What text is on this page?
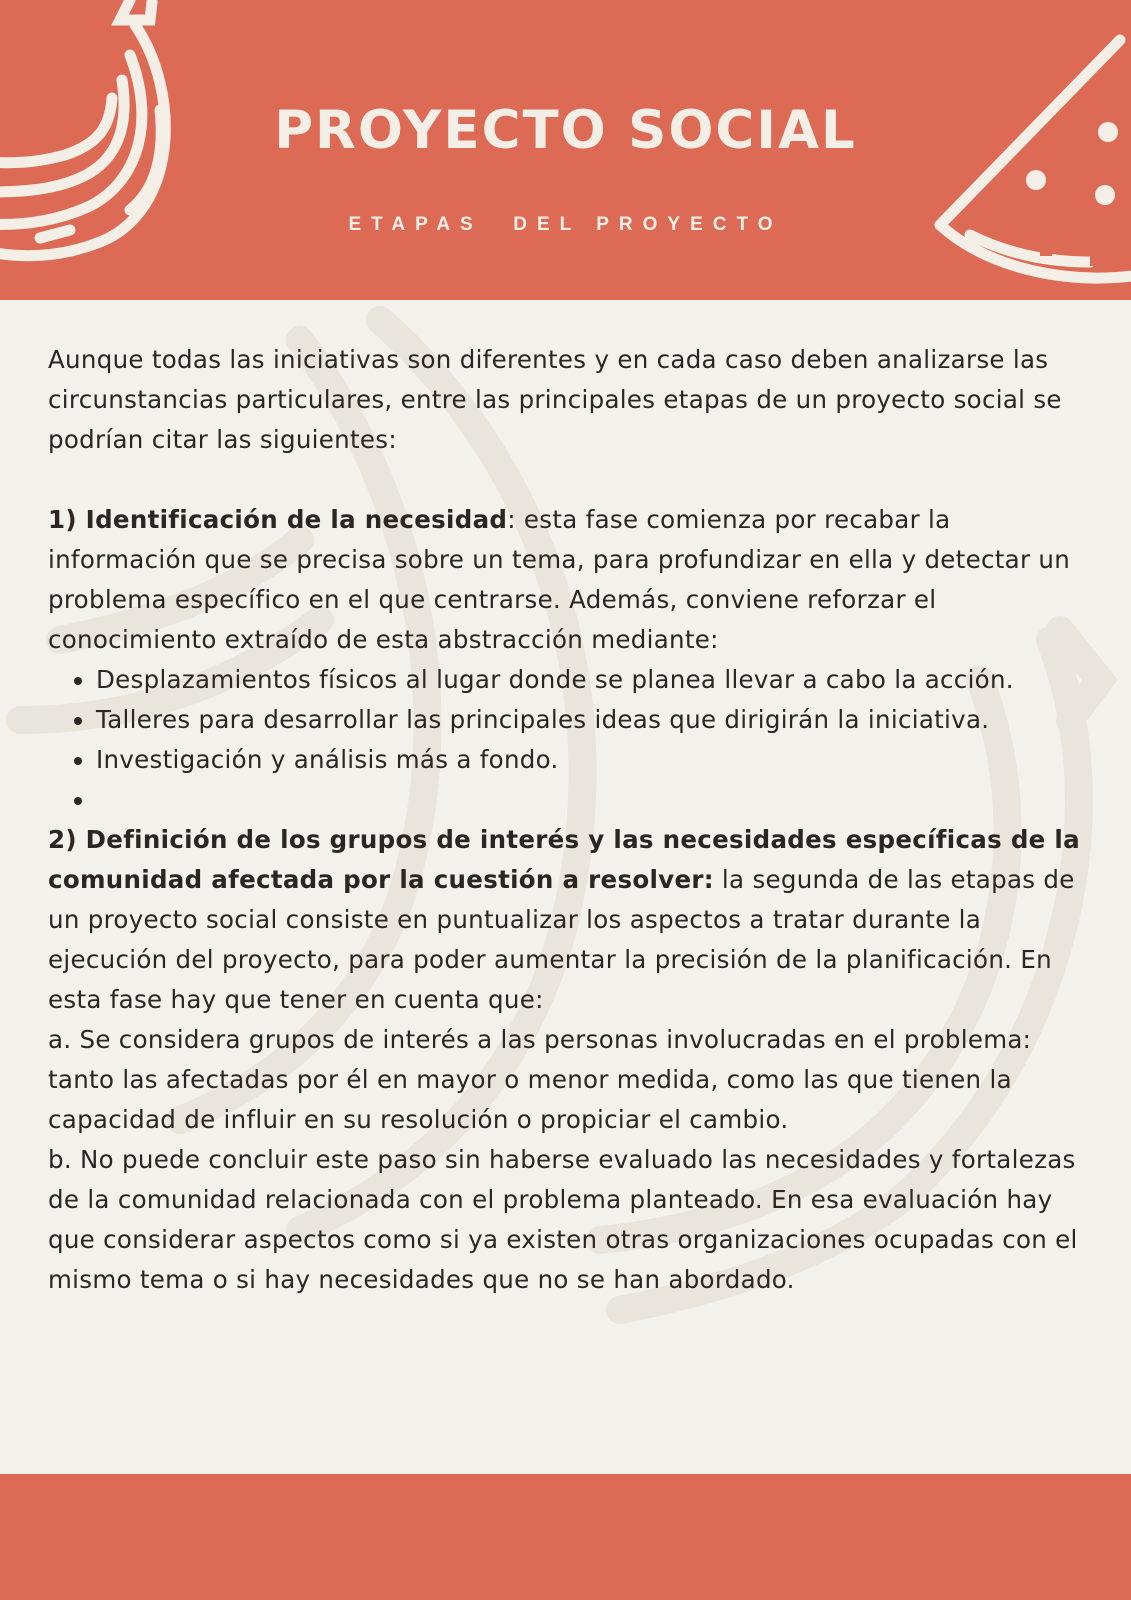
PROYECTO SOCIAL
ETAPAS  DEL PROYECTO

Aunque todas las iniciativas son diferentes y en cada caso deben analizarse las circunstancias particulares, entre las principales etapas de un proyecto social se podrían citar las siguientes:

1) Identificación de la necesidad: esta fase comienza por recabar la información que se precisa sobre un tema, para profundizar en ella y detectar un problema específico en el que centrarse. Además, conviene reforzar el conocimiento extraído de esta abstracción mediante:

• Desplazamientos físicos al lugar donde se planea llevar a cabo la acción.
• Talleres para desarrollar las principales ideas que dirigirán la iniciativa.
• Investigación y análisis más a fondo.
•

2) Definición de los grupos de interés y las necesidades específicas de la comunidad afectada por la cuestión a resolver: la segunda de las etapas de un proyecto social consiste en puntualizar los aspectos a tratar durante la ejecución del proyecto, para poder aumentar la precisión de la planificación. En esta fase hay que tener en cuenta que:

a. Se considera grupos de interés a las personas involucradas en el problema: tanto las afectadas por él en mayor o menor medida, como las que tienen la capacidad de influir en su resolución o propiciar el cambio.

b. No puede concluir este paso sin haberse evaluado las necesidades y fortalezas de la comunidad relacionada con el problema planteado. En esa evaluación hay que considerar aspectos como si ya existen otras organizaciones ocupadas con el mismo tema o si hay necesidades que no se han abordado.
